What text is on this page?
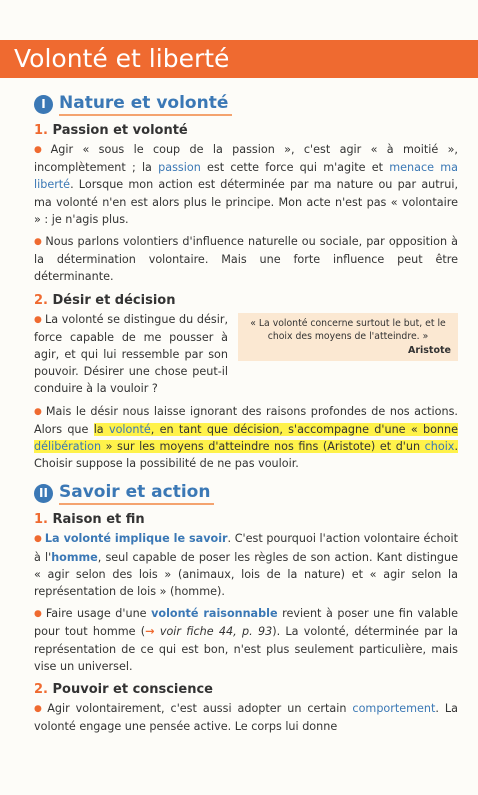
Volonté et liberté
I Nature et volonté
1. Passion et volonté

● Agir « sous le coup de la passion », c'est agir « à moitié », incomplètement ; la passion est cette force qui m'agite et menace ma liberté. Lorsque mon action est déterminée par ma nature ou par autrui, ma volonté n'en est alors plus le principe. Mon acte n'est pas « volontaire » : je n'agis plus.

● Nous parlons volontiers d'influence naturelle ou sociale, par opposition à la détermination volontaire. Mais une forte influence peut être déterminante.

2. Désir et décision
« La volonté concerne surtout le but, et le choix des moyens de l'atteindre. »
Aristote

● La volonté se distingue du désir, force capable de me pousser à agir, et qui lui ressemble par son pouvoir. Désirer une chose peut-il conduire à la vouloir ?

● Mais le désir nous laisse ignorant des raisons profondes de nos actions. Alors que la volonté, en tant que décision, s'accompagne d'une « bonne délibération » sur les moyens d'atteindre nos fins (Aristote) et d'un choix. Choisir suppose la possibilité de ne pas vouloir.

II Savoir et action
1. Raison et fin

● La volonté implique le savoir. C'est pourquoi l'action volontaire échoit à l'homme, seul capable de poser les règles de son action. Kant distingue « agir selon des lois » (animaux, lois de la nature) et « agir selon la représentation de lois » (homme).

● Faire usage d'une volonté raisonnable revient à poser une fin valable pour tout homme (→ voir fiche 44, p. 93). La volonté, déterminée par la représentation de ce qui est bon, n'est plus seulement particulière, mais vise un universel.

2. Pouvoir et conscience

● Agir volontairement, c'est aussi adopter un certain comportement. La volonté engage une pensée active. Le corps lui donne
